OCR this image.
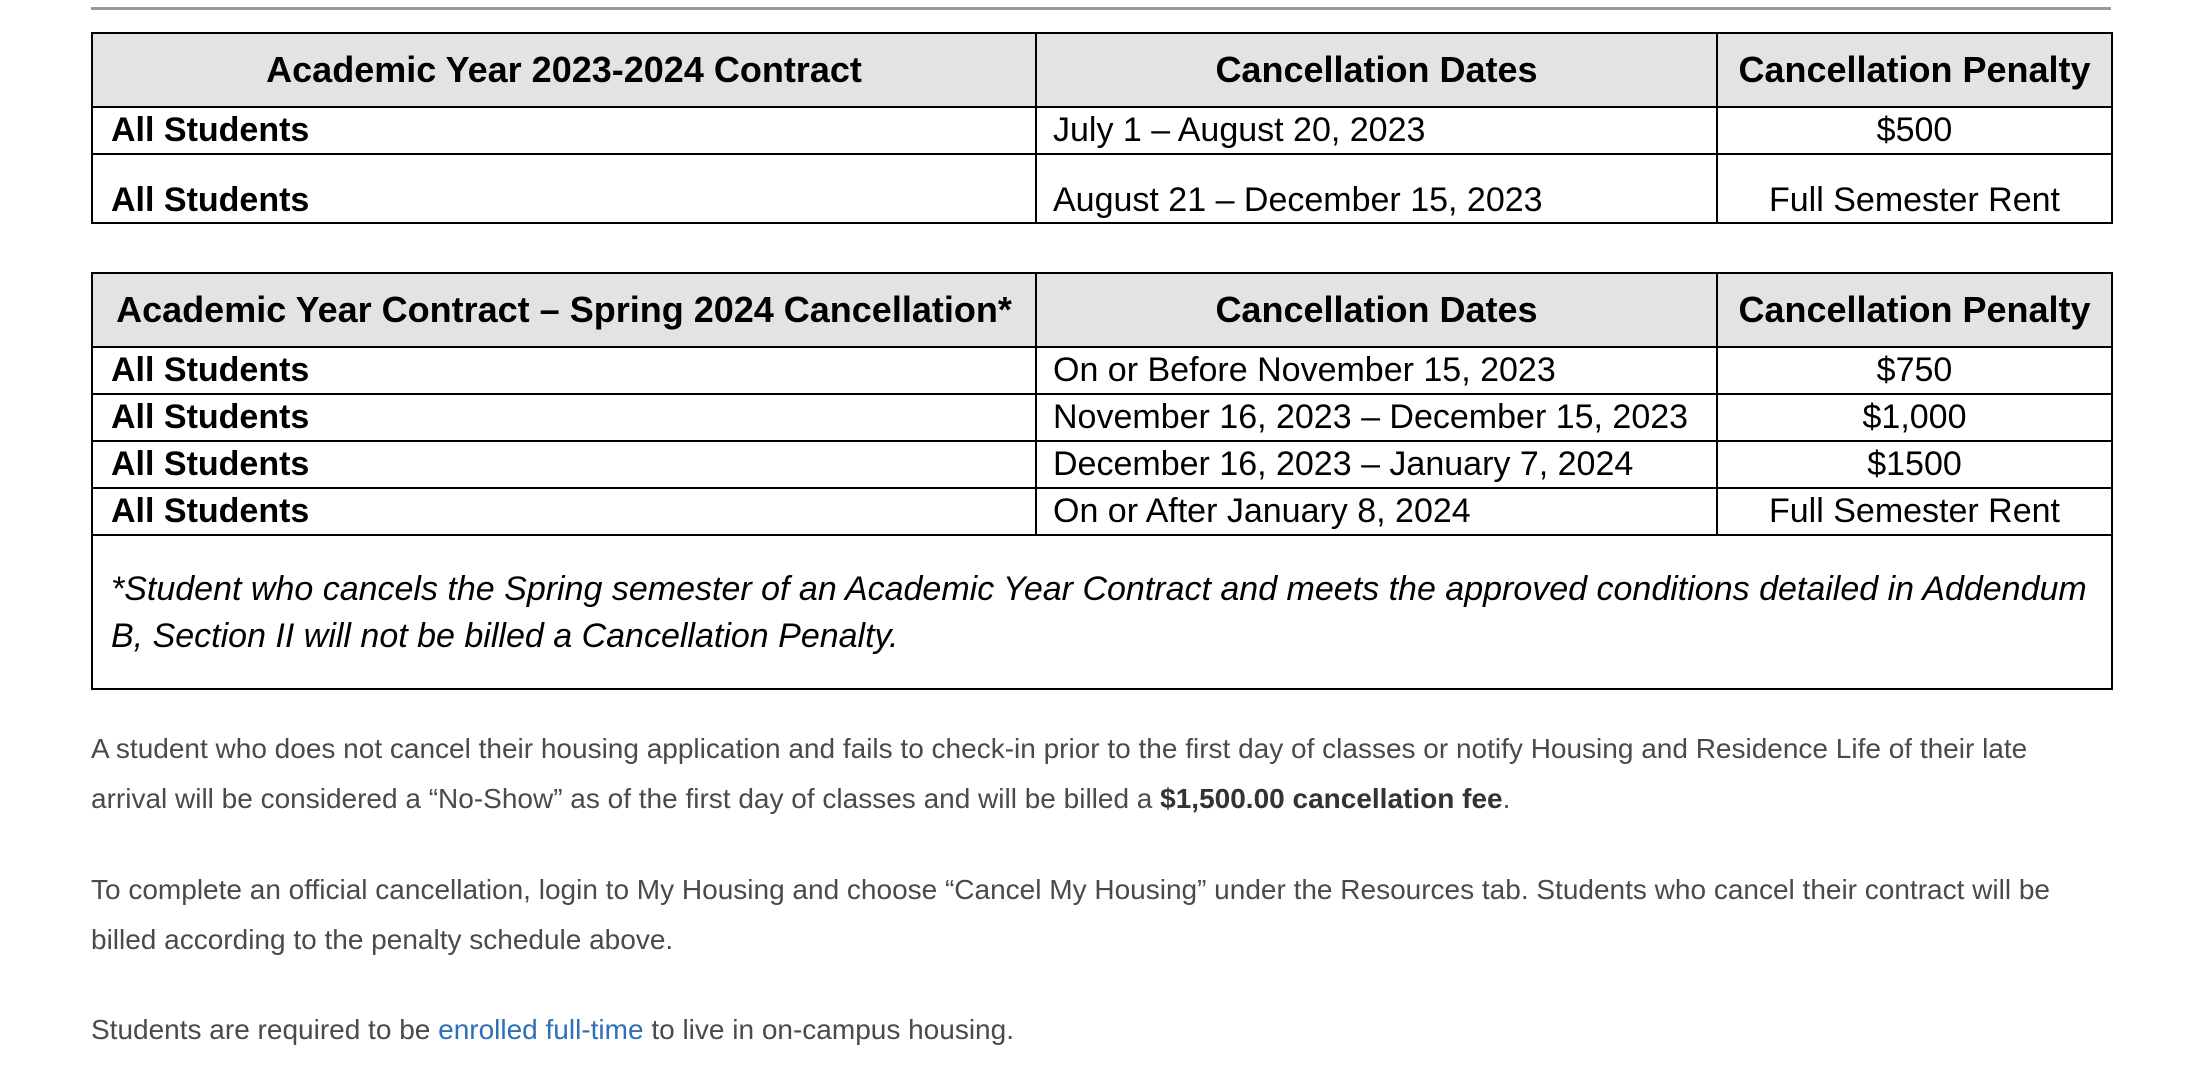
Academic Year 2023-2024 Contract	Cancellation Dates	Cancellation Penalty
All Students	July 1 – August 20, 2023	$500
All Students	August 21 – December 15, 2023	Full Semester Rent
Academic Year Contract – Spring 2024 Cancellation*	Cancellation Dates	Cancellation Penalty
All Students	On or Before November 15, 2023	$750
All Students	November 16, 2023 – December 15, 2023	$1,000
All Students	December 16, 2023 – January 7, 2024	$1500
All Students	On or After January 8, 2024	Full Semester Rent
*Student who cancels the Spring semester of an Academic Year Contract and meets the approved conditions detailed in Addendum B, Section II will not be billed a Cancellation Penalty.		

A student who does not cancel their housing application and fails to check-in prior to the first day of classes or notify Housing and Residence Life of their late arrival will be considered a “No-Show” as of the first day of classes and will be billed a $1,500.00 cancellation fee.

To complete an official cancellation, login to My Housing and choose “Cancel My Housing” under the Resources tab. Students who cancel their contract will be billed according to the penalty schedule above.

Students are required to be enrolled full-time to live in on-campus housing.
